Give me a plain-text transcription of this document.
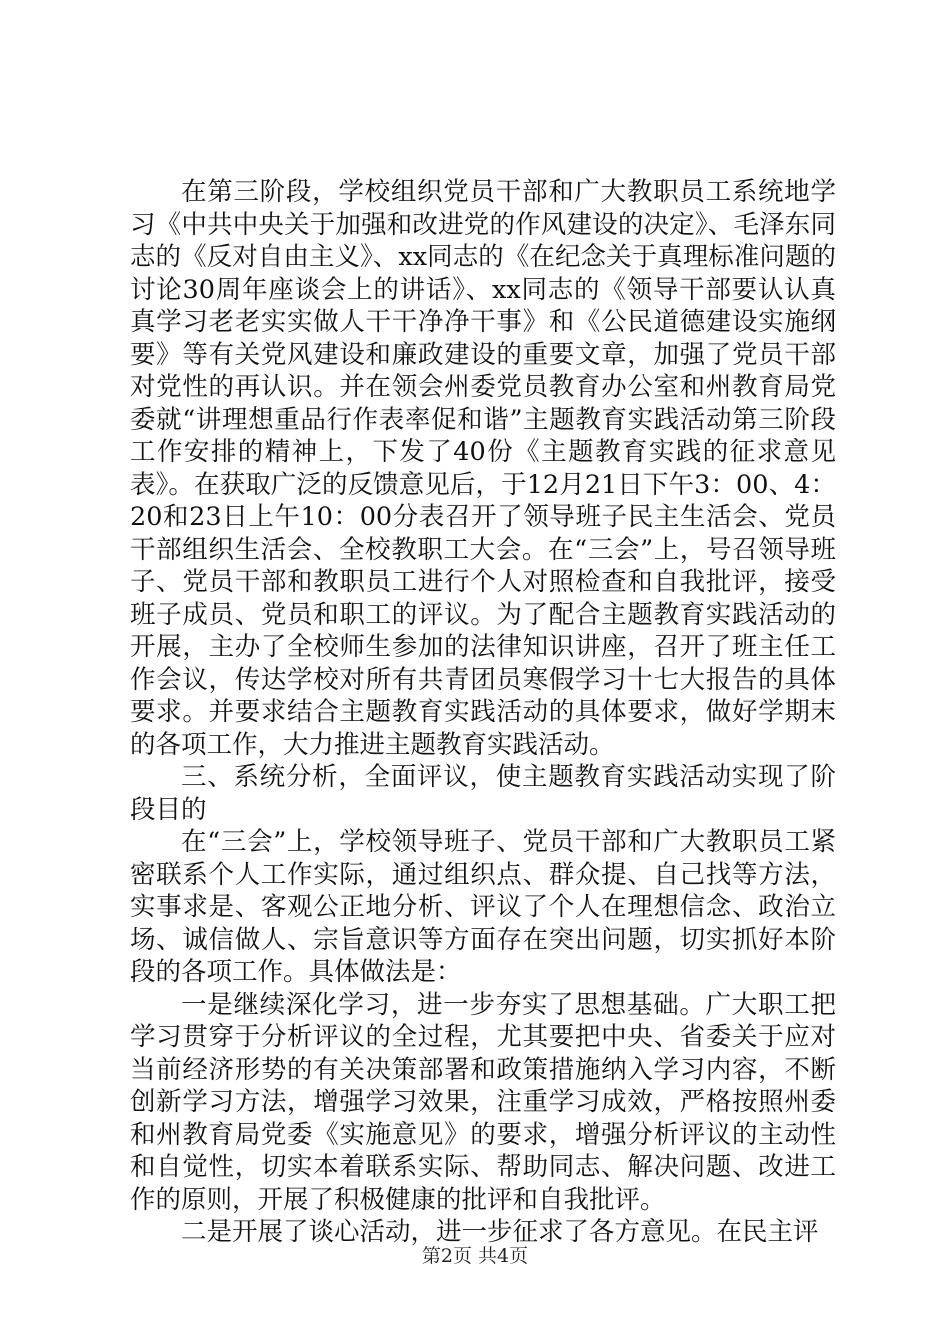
在第三阶段，学校组织党员干部和广大教职员工系统地学习《中共中央关于加强和改进党的作风建设的决定》、毛泽东同志的《反对自由主义》、xx同志的《在纪念关于真理标准问题的讨论30周年座谈会上的讲话》、xx同志的《领导干部要认认真真学习老老实实做人干干净净干事》和《公民道德建设实施纲要》等有关党风建设和廉政建设的重要文章，加强了党员干部对党性的再认识。并在领会州委党员教育办公室和州教育局党委就“讲理想重品行作表率促和谐”主题教育实践活动第三阶段工作安排的精神上，下发了40份《主题教育实践的征求意见表》。在获取广泛的反馈意见后，于12月21日下午3：00、4：20和23日上午10：00分表召开了领导班子民主生活会、党员干部组织生活会、全校教职工大会。在“三会”上，号召领导班子、党员干部和教职员工进行个人对照检查和自我批评，接受班子成员、党员和职工的评议。为了配合主题教育实践活动的开展，主办了全校师生参加的法律知识讲座，召开了班主任工作会议，传达学校对所有共青团员寒假学习十七大报告的具体要求。并要求结合主题教育实践活动的具体要求，做好学期末的各项工作，大力推进主题教育实践活动。

三、系统分析，全面评议，使主题教育实践活动实现了阶段目的

在“三会”上，学校领导班子、党员干部和广大教职员工紧密联系个人工作实际，通过组织点、群众提、自己找等方法，实事求是、客观公正地分析、评议了个人在理想信念、政治立场、诚信做人、宗旨意识等方面存在突出问题，切实抓好本阶段的各项工作。具体做法是：

一是继续深化学习，进一步夯实了思想基础。广大职工把学习贯穿于分析评议的全过程，尤其要把中央、省委关于应对当前经济形势的有关决策部署和政策措施纳入学习内容，不断创新学习方法，增强学习效果，注重学习成效，严格按照州委和州教育局党委《实施意见》的要求，增强分析评议的主动性和自觉性，切实本着联系实际、帮助同志、解决问题、改进工作的原则，开展了积极健康的批评和自我批评。

二是开展了谈心活动，进一步征求了各方意见。在民主评

第2页 共4页
